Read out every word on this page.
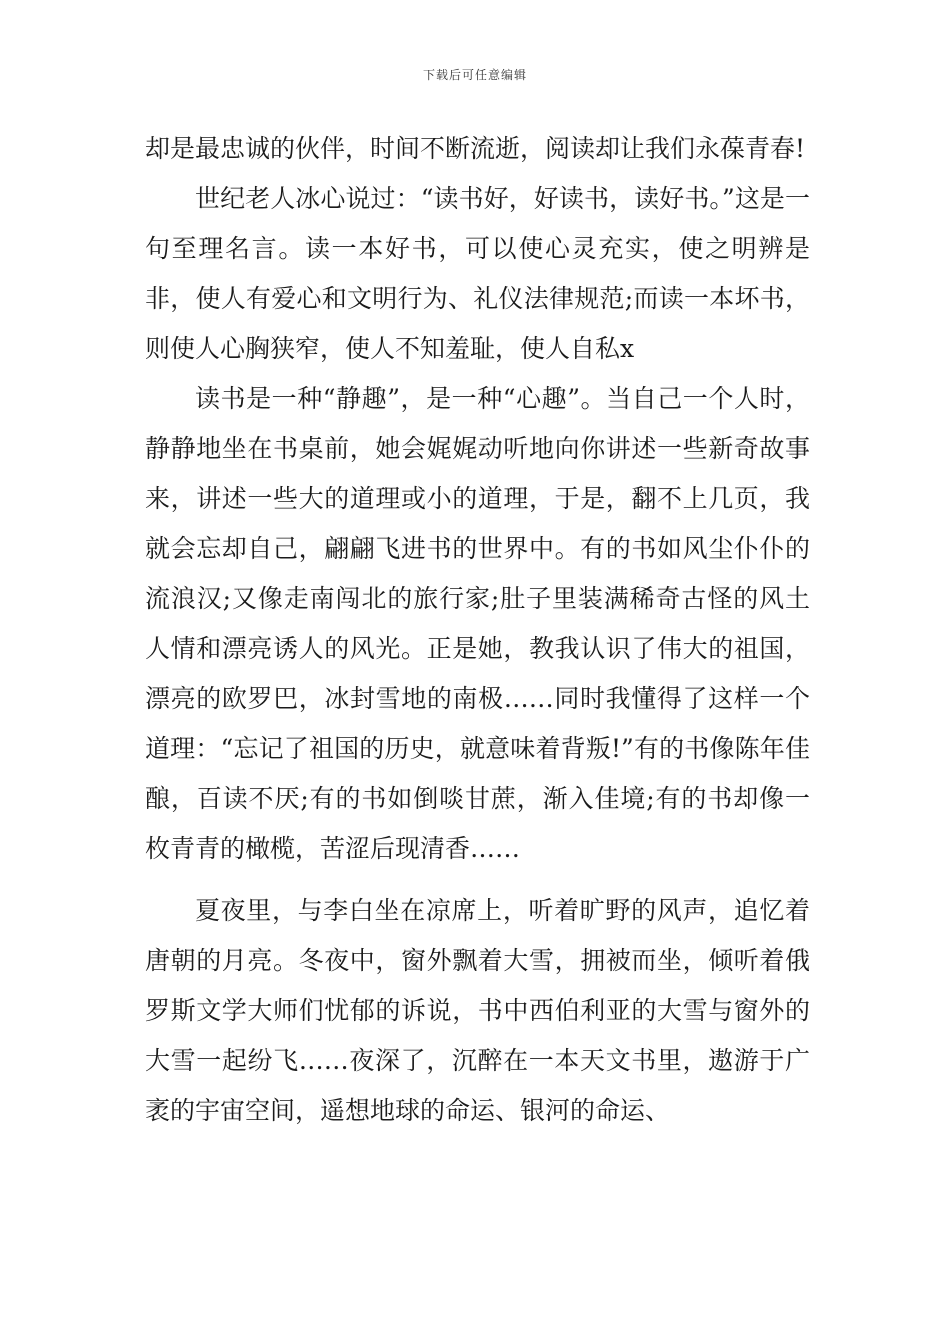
下载后可任意编辑

却是最忠诚的伙伴，时间不断流逝，阅读却让我们永葆青春!

世纪老人冰心说过：“读书好，好读书，读好书。”这是一句至理名言。读一本好书，可以使心灵充实，使之明辨是非，使人有爱心和文明行为、礼仪法律规范;而读一本坏书，则使人心胸狭窄，使人不知羞耻，使人自私x

读书是一种“静趣”，是一种“心趣”。当自己一个人时，静静地坐在书桌前，她会娓娓动听地向你讲述一些新奇故事来，讲述一些大的道理或小的道理，于是，翻不上几页，我就会忘却自己，翩翩飞进书的世界中。有的书如风尘仆仆的流浪汉;又像走南闯北的旅行家;肚子里装满稀奇古怪的风土人情和漂亮诱人的风光。正是她，教我认识了伟大的祖国，漂亮的欧罗巴，冰封雪地的南极……同时我懂得了这样一个道理：“忘记了祖国的历史，就意味着背叛!”有的书像陈年佳酿，百读不厌;有的书如倒啖甘蔗，渐入佳境;有的书却像一枚青青的橄榄，苦涩后现清香……

夏夜里，与李白坐在凉席上，听着旷野的风声，追忆着唐朝的月亮。冬夜中，窗外飘着大雪，拥被而坐，倾听着俄罗斯文学大师们忧郁的诉说，书中西伯利亚的大雪与窗外的大雪一起纷飞……夜深了，沉醉在一本天文书里，遨游于广袤的宇宙空间，遥想地球的命运、银河的命运、
